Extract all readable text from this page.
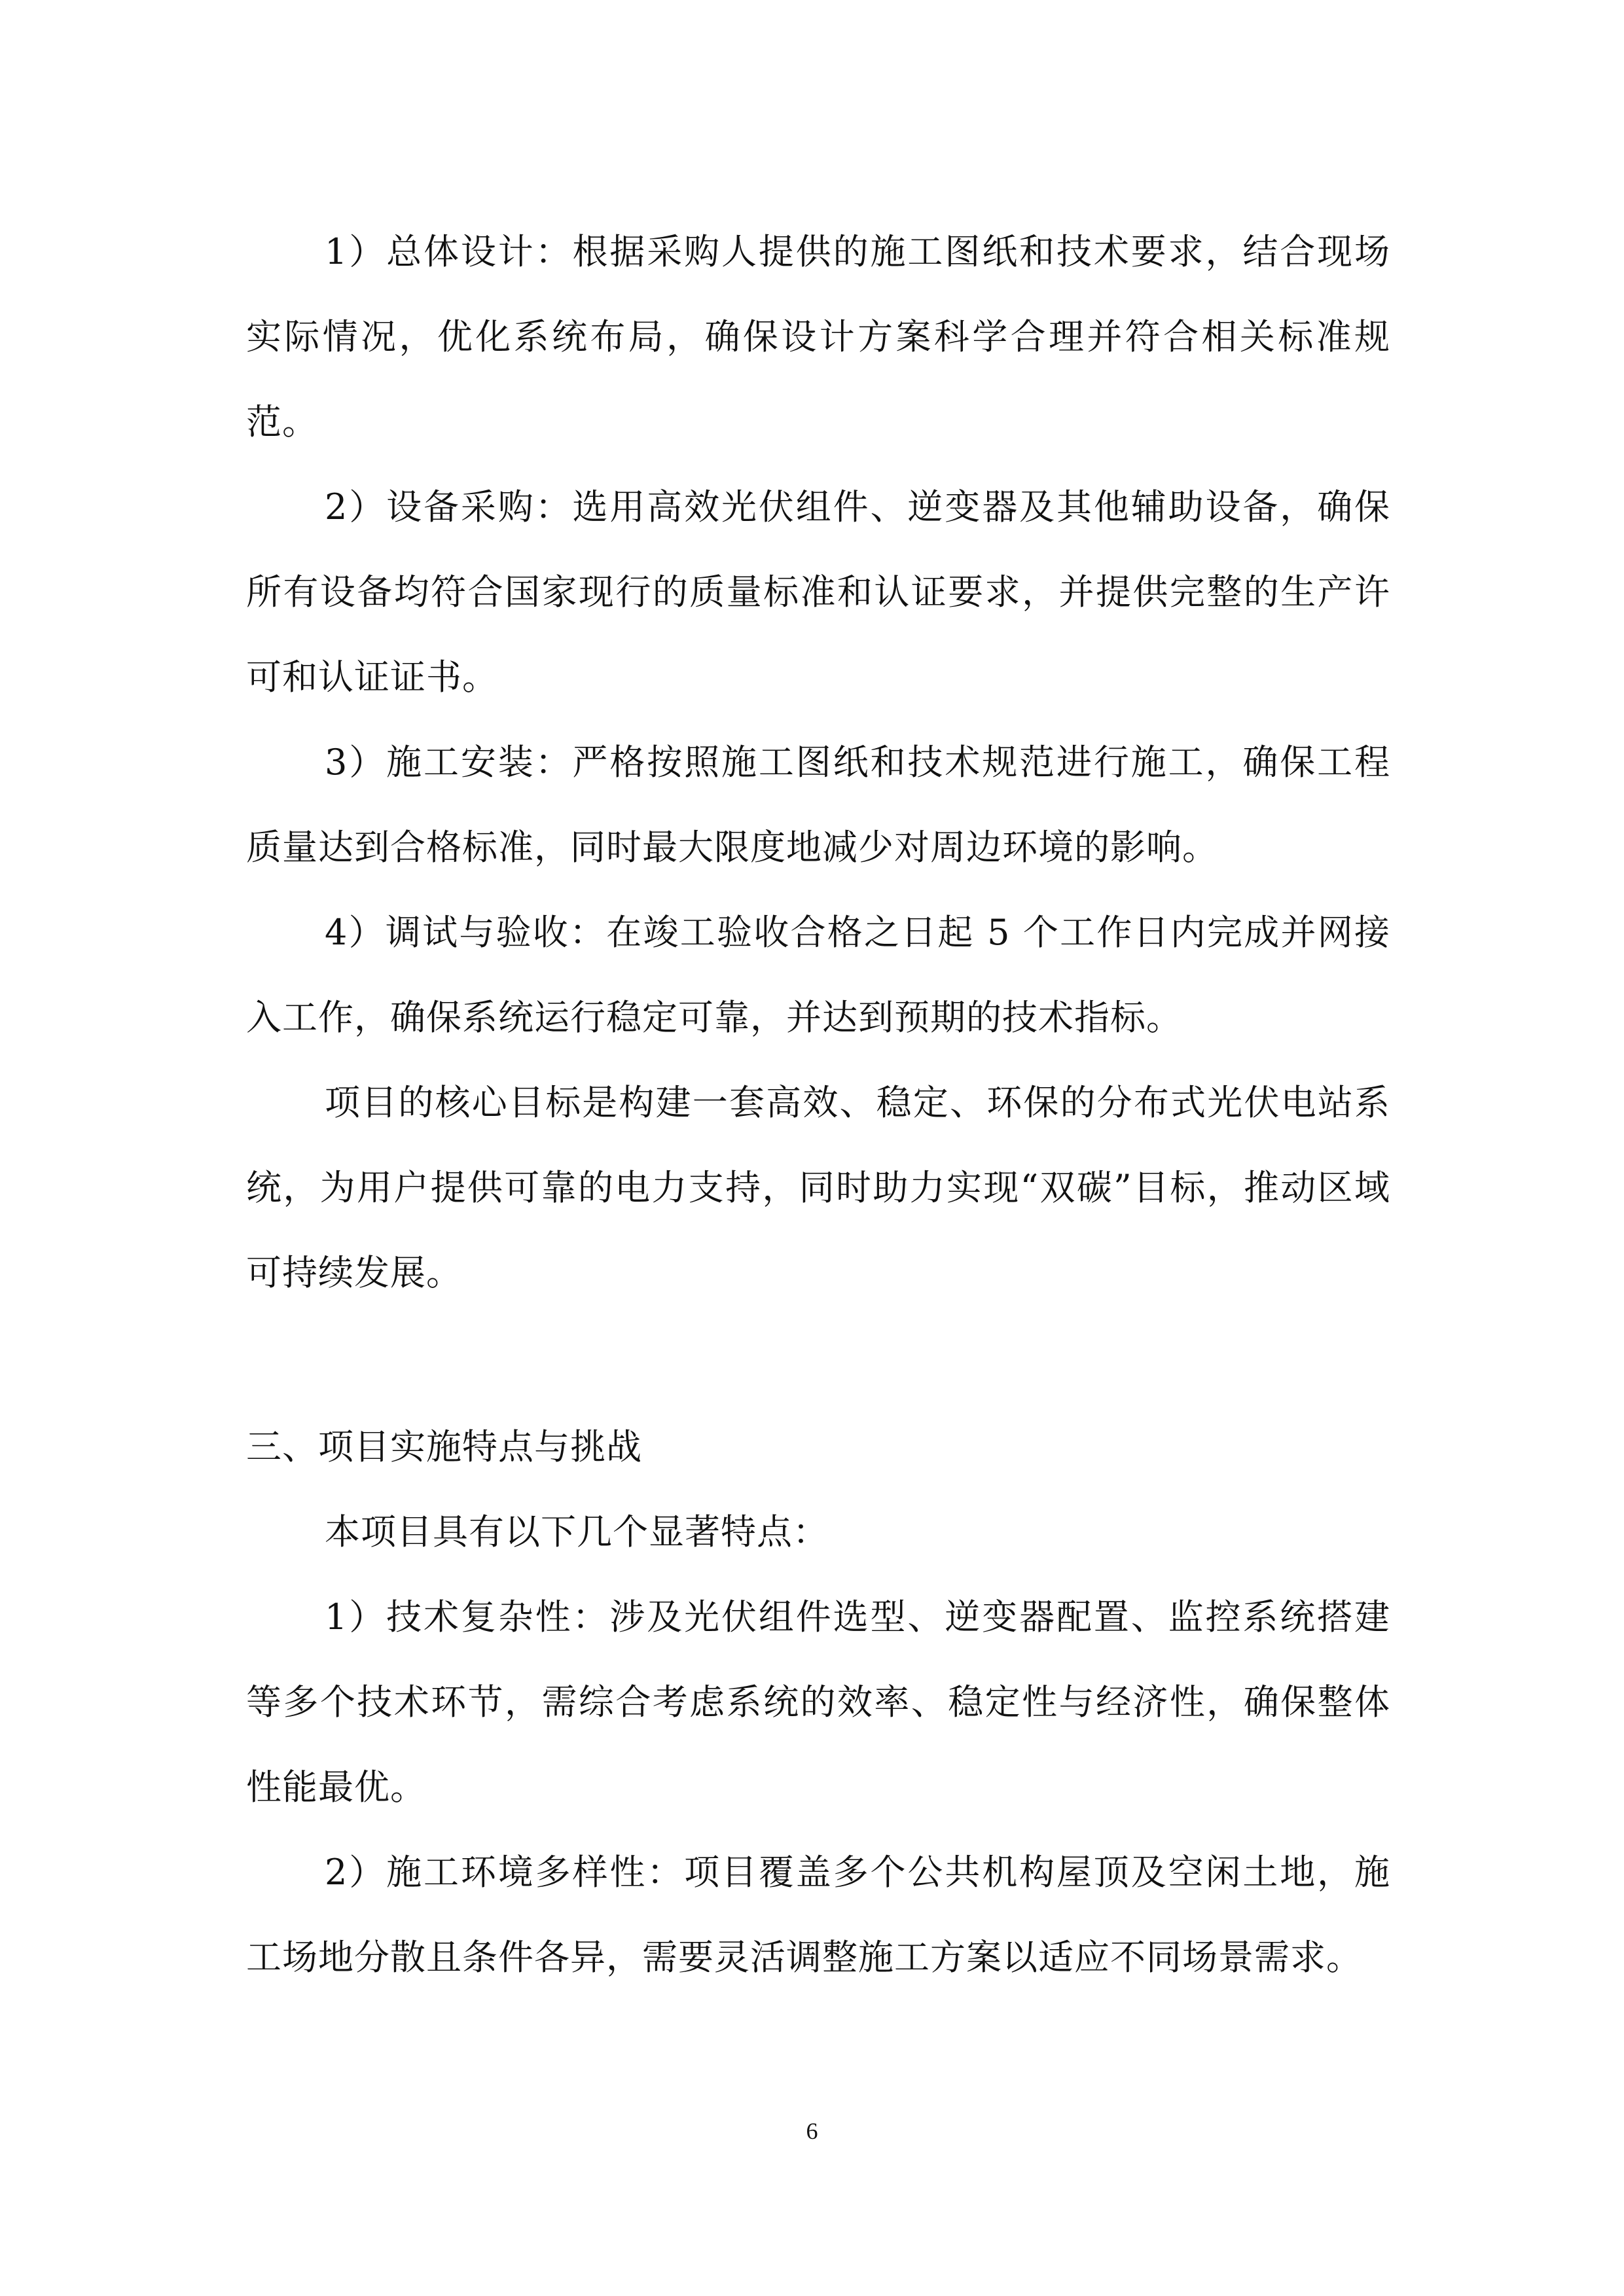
1）总体设计：根据采购人提供的施工图纸和技术要求，结合现场实际情况，优化系统布局，确保设计方案科学合理并符合相关标准规范。

2）设备采购：选用高效光伏组件、逆变器及其他辅助设备，确保所有设备均符合国家现行的质量标准和认证要求，并提供完整的生产许可和认证证书。

3）施工安装：严格按照施工图纸和技术规范进行施工，确保工程质量达到合格标准，同时最大限度地减少对周边环境的影响。

4）调试与验收：在竣工验收合格之日起 5 个工作日内完成并网接入工作，确保系统运行稳定可靠，并达到预期的技术指标。

项目的核心目标是构建一套高效、稳定、环保的分布式光伏电站系统，为用户提供可靠的电力支持，同时助力实现“双碳”目标，推动区域可持续发展。

三、项目实施特点与挑战

本项目具有以下几个显著特点：

1）技术复杂性：涉及光伏组件选型、逆变器配置、监控系统搭建等多个技术环节，需综合考虑系统的效率、稳定性与经济性，确保整体性能最优。

2）施工环境多样性：项目覆盖多个公共机构屋顶及空闲土地，施工场地分散且条件各异，需要灵活调整施工方案以适应不同场景需求。

6
